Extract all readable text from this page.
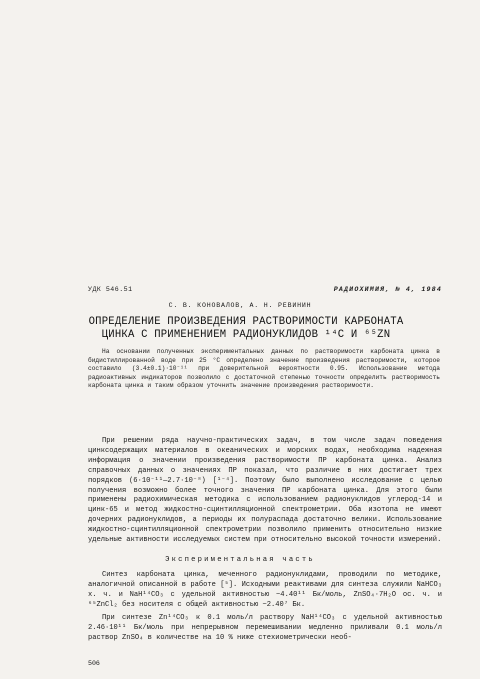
УДК 546.51	РАДИОХИМИЯ, № 4, 1984
С. В. КОНОВАЛОВ, А. Н. РЕВИНИН
ОПРЕДЕЛЕНИЕ ПРОИЗВЕДЕНИЯ РАСТВОРИМОСТИ КАРБОНАТА
ЦИНКА С ПРИМЕНЕНИЕМ РАДИОНУКЛИДОВ ¹⁴C И ⁶⁵ZN
На основании полученных экспериментальных данных по растворимости карбоната цинка в бидистиллированной воде при 25 °С определено значение произведения растворимости, которое составило (3.4±0.1)·10⁻¹¹ при доверительной вероятности 0.95. Использование метода радиоактивных индикаторов позволило с достаточной степенью точности определить растворимость карбоната цинка и таким образом уточнить значение произведения растворимости.
При решении ряда научно-практических задач, в том числе задач поведения цинксодержащих материалов в океанических и морских водах, необходима надежная информация о значении произведения растворимости ПР карбоната цинка. Анализ справочных данных о значениях ПР показал, что различие в них достигает трех порядков (6·10⁻¹¹—2.7·10⁻⁸) [¹⁻⁴]. Поэтому было выполнено исследование с целью получения возможно более точного значения ПР карбоната цинка. Для этого были применены радиохимическая методика с использованием радионуклидов углерод-14 и цинк-65 и метод жидкостно-сцинтилляционной спектрометрии. Оба изотопа не имеют дочерних радионуклидов, а периоды их полураспада достаточно велики. Использование жидкостно-сцинтилляционной спектрометрии позволило применить относительно низкие удельные активности исследуемых систем при относительно высокой точности измерений.
Экспериментальная часть
Синтез карбоната цинка, меченного радионуклидами, проводили по методике, аналогичной описанной в работе [⁵]. Исходными реактивами для синтеза служили NaHCO₃ х. ч. и NaH¹⁴CO₃ с удельной активностью ~4.40¹¹ Бк/моль, ZnSO₄·7H₂O ос. ч. и ⁶⁵ZnCl₂ без носителя с общей активностью ~2.40⁷ Бк.
При синтезе Zn¹⁴CO₃ к 0.1 моль/л раствору NaH¹⁴CO₃ с удельной активностью 2.46·10¹¹ Бк/моль при непрерывном перемешивании медленно приливали 0.1 моль/л раствор ZnSO₄ в количестве на 10 % ниже стехиометрически необ-
506
